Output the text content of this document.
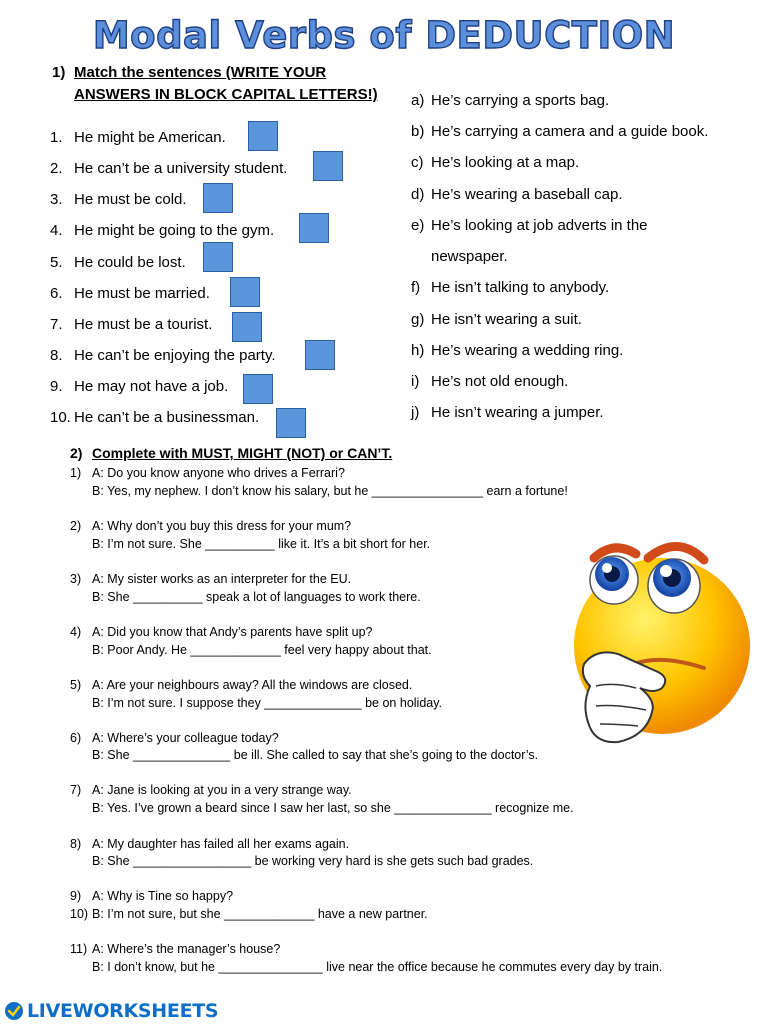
Modal Verbs of DEDUCTION
1) Match the sentences (WRITE YOUR
ANSWERS IN BLOCK CAPITAL LETTERS!)
1. He might be American.
2. He can’t be a university student.
3. He must be cold.
4. He might be going to the gym.
5. He could be lost.
6. He must be married.
7. He must be a tourist.
8. He can’t be enjoying the party.
9. He may not have a job.
10. He can’t be a businessman.
a) He’s carrying a sports bag.
b) He’s carrying a camera and a guide book.
c) He’s looking at a map.
d) He’s wearing a baseball cap.
e) He’s looking at job adverts in the
newspaper.
f) He isn’t talking to anybody.
g) He isn’t wearing a suit.
h) He’s wearing a wedding ring.
i) He’s not old enough.
j) He isn’t wearing a jumper.
2) Complete with MUST, MIGHT (NOT) or CAN’T.
1) A: Do you know anyone who drives a Ferrari?
B: Yes, my nephew. I don’t know his salary, but he ________________ earn a fortune!
2) A: Why don’t you buy this dress for your mum?
B: I’m not sure. She __________ like it. It’s a bit short for her.
3) A: My sister works as an interpreter for the EU.
B: She __________ speak a lot of languages to work there.
4) A: Did you know that Andy’s parents have split up?
B: Poor Andy. He _____________ feel very happy about that.
5) A: Are your neighbours away? All the windows are closed.
B: I’m not sure. I suppose they ______________ be on holiday.
6) A: Where’s your colleague today?
B: She ______________ be ill. She called to say that she’s going to the doctor’s.
7) A: Jane is looking at you in a very strange way.
B: Yes. I’ve grown a beard since I saw her last, so she ______________ recognize me.
8) A: My daughter has failed all her exams again.
B: She _________________ be working very hard is she gets such bad grades.
9) A: Why is Tine so happy?
10) B: I’m not sure, but she _____________ have a new partner.
11) A: Where’s the manager’s house?
B: I don’t know, but he _______________ live near the office because he commutes every day by train.
LIVEWORKSHEETS
